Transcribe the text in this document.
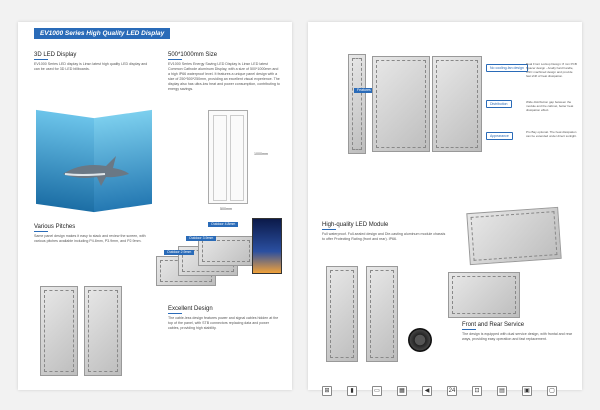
EV1000 Series High Quality LED Display
3D LED Display
EV1000 Series LED display is Linsn latest high quality LED display and can be used for 3D LED billboards.
500*1000mm Size
EV1000 Series Energy Saving LED Display is Linsn LED latest Common Cathode aluminum Display, with a size of 500*1000mm and a high IP66 waterproof level. It features a unique panel design with a size of 250*500*250mm, providing an excellent visual experience. The display also has ultra-low heat and power consumption, contributing to energy savings.
1000mm
500mm
Various Pitches
Same panel design makes it easy to stack and review the screen, with various pitches available including P4.8mm, P3.9mm, and P2.9mm.
Outdoor 4.8mm
Outdoor 3.9mm
Outdoor 2.9mm
Excellent Design
The cable-less design features power and signal cables hidden at the top of the panel, with STB connectors replacing data and power cables, providing high stability.
Features
No cooling-fan design
Dual Front Lockup Design: 8 mm PCB Spacer design - Anally hard handle, CNC machined design and provide fast shift of heat dissipation.
Distribution	Wide distribution gap between the module and the cabinet, better heat dissipation effect.
Appearance
Pro Bay optional. The heat dissipation can be extended under direct sunlight.
High-quality LED Module
Full waterproof. Full-sealed design and Die-casting aluminum module chassis to offer Protecting Rating (front and rear). IP66.
Front and Rear Service
The design is equipped with dual service design, with frontal and rear ways, providing easy operation and fast replacement.
⊞	▮	▭	▦	◀	24	⊡	▤	▣	▢
